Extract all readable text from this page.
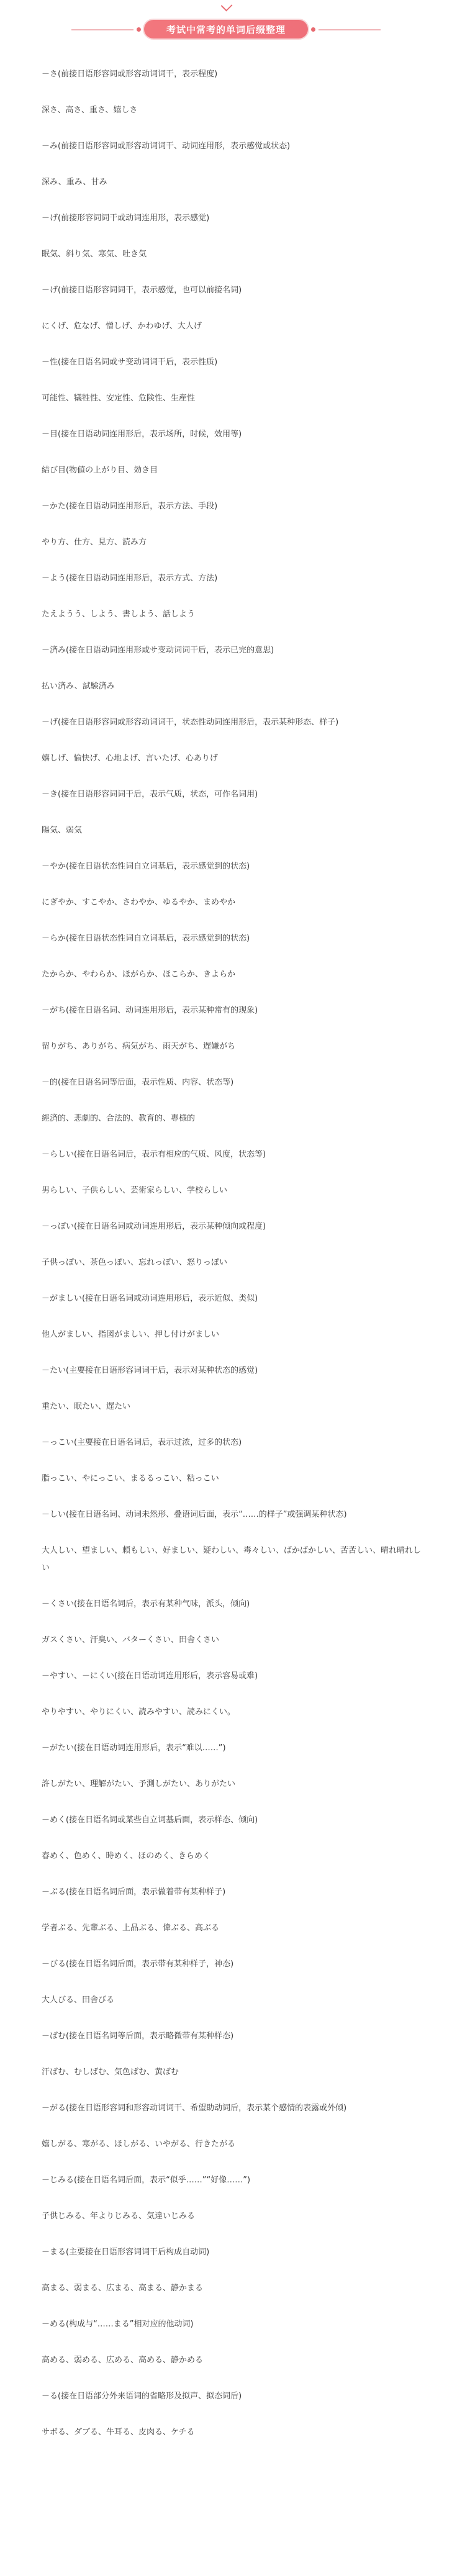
考试中常考的单词后缀整理

－さ(前接日语形容词或形容动词词干，表示程度)

深さ、高さ、重さ、嬉しさ

－み(前接日语形容词或形容动词词干、动词连用形，表示感觉或状态)

深み、重み、甘み

－げ(前接形容词词干或动词连用形，表示感觉)

眠気、斜り気、寒気、吐き気

－げ(前接日语形容词词干，表示感觉，也可以前接名词)

にくげ、危なげ、憎しげ、かわゆげ、大人げ

－性(接在日语名词或サ变动词词干后，表示性质)

可能性、犠牲性、安定性、危険性、生産性

－目(接在日语动词连用形后，表示场所，时候，效用等)

結び目(物値の上がり目、効き目

－かた(接在日语动词连用形后，表示方法、手段)

やり方、仕方、見方、読み方

－よう(接在日语动词连用形后，表示方式、方法)

たえようう、しよう、書しよう、話しよう

－済み(接在日语动词连用形或サ变动词词干后，表示已完的意思)

払い済み、試験済み

－げ(接在日语形容词或形容动词词干，状态性动词连用形后，表示某种形态、样子)

嬉しげ、愉快げ、心地よげ、言いたげ、心ありげ

－き(接在日语形容词词干后，表示气质，状态，可作名词用)

陽気、弱気

－やか(接在日语状态性词自立词基后，表示感觉到的状态)

にぎやか、すこやか、さわやか、ゆるやか、まめやか

－らか(接在日语状态性词自立词基后，表示感觉到的状态)

たからか、やわらか、ほがらか、ほこらか、きよらか

－がち(接在日语名词、动词连用形后，表示某种常有的现象)

留りがち、ありがち、病気がち、雨天がち、遅嫌がち

－的(接在日语名词等后面，表示性质、内容、状态等)

經済的、悲劇的、合法的、教育的、專様的

－らしい(接在日语名词后，表示有相应的气质、风度，状态等)

男らしい、子供らしい、芸術家らしい、学校らしい

－っぽい(接在日语名词或动词连用形后，表示某种倾向或程度)

子供っぽい、茶色っぽい、忘れっぽい、怒りっぽい

－がましい(接在日语名词或动词连用形后，表示近似、类似)

他人がましい、指図がましい、押し付けがましい

－たい(主要接在日语形容词词干后，表示对某种状态的感觉)

重たい、眠たい、遅たい

－っこい(主要接在日语名词后，表示过浓，过多的状态)

脂っこい、やにっこい、まるるっこい、粘っこい

－しい(接在日语名词、动词未然形、叠语词后面，表示“……的样子”或强调某种状态)

大人しい、望ましい、頼もしい、好ましい、疑わしい、毒々しい、ばかばかしい、苦苦しい、晴れ晴れしい

－くさい(接在日语名词后，表示有某种气味，派头，倾向)

ガスくさい、汗臭い、バターくさい、田舎くさい

－やすい、－にくい(接在日语动词连用形后，表示容易或难)

やりやすい、やりにくい、読みやすい、読みにくい。

－がたい(接在日语动词连用形后，表示“难以……”)

許しがたい、理解がたい、予測しがたい、ありがたい

－めく(接在日语名词或某些自立词基后面，表示样态、倾向)

春めく、色めく、時めく、ほのめく、きらめく

－ぶる(接在日语名词后面，表示做着带有某种样子)

学者ぶる、先輩ぶる、上品ぶる、偉ぶる、高ぶる

－びる(接在日语名词后面，表示带有某种样子，神态)

大人びる、田舎びる

－ばむ(接在日语名词等后面，表示略微带有某种样态)

汗ばむ、むしばむ、気色ばむ、黄ばむ

－がる(接在日语形容词和形容动词词干、希望助动词后，表示某个感情的表露或外倾)

嬉しがる、寒がる、ほしがる、いやがる、行きたがる

－じみる(接在日语名词后面，表示“似乎……”“好像……”)

子供じみる、年よりじみる、気違いじみる

－まる(主要接在日语形容词词干后构成自动词)

高まる、弱まる、広まる、高まる、静かまる

－める(构成与“……まる”相对应的他动词)

高める、弱める、広める、高める、静かめる

－る(接在日语部分外来语词的省略形及拟声、拟态词后)

サボる、ダブる、牛耳る、皮肉る、ケチる
